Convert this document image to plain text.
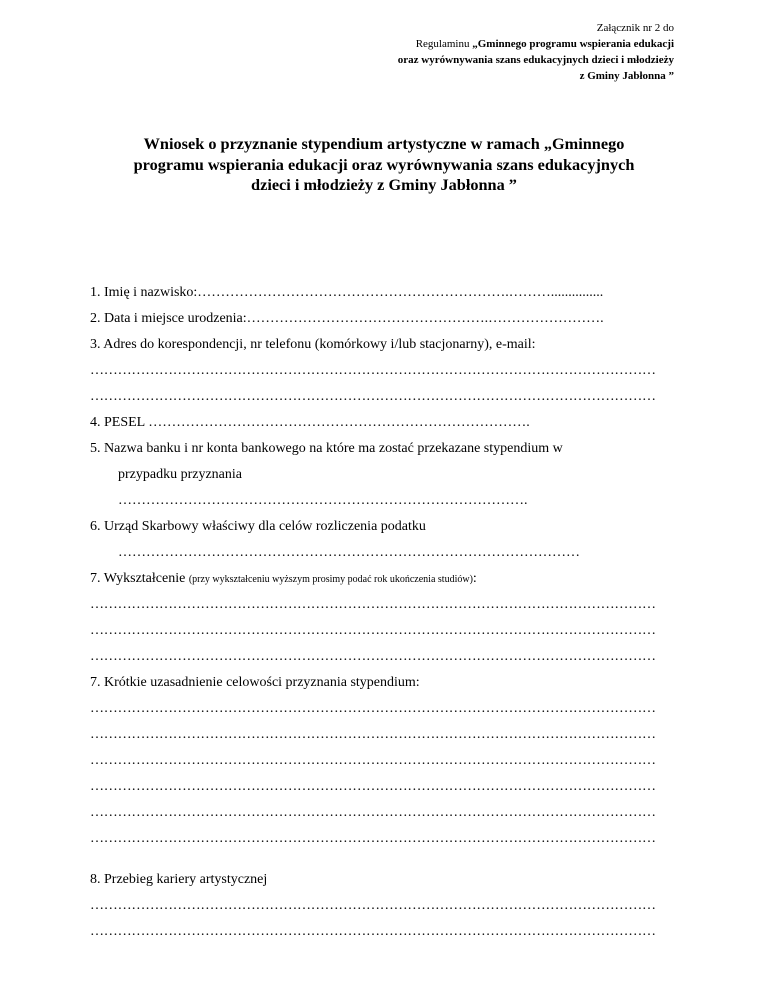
Załącznik nr 2 do
Regulaminu „Gminnego programu wspierania edukacji
oraz wyrównywania szans edukacyjnych dzieci i młodzieży
z Gminy Jabłonna ”
Wniosek o przyznanie stypendium artystyczne w ramach „Gminnego
programu wspierania edukacji oraz wyrównywania szans edukacyjnych
dzieci i młodzieży z Gminy Jabłonna ”
1. Imię i nazwisko:………………………………………………………….………...............
2. Data i miejsce urodzenia:…………………………………………….…………………….
3. Adres do korespondencji, nr telefonu (komórkowy i/lub stacjonarny), e-mail:
……………………………………………………………………………………………………………
……………………………………………………………………………………………………………
4. PESEL ……………………………………………………………………….
5. Nazwa banku i nr konta bankowego na które ma zostać przekazane stypendium w
przypadku przyznania
…………………………………………………………………………….
6. Urząd Skarbowy właściwy dla celów rozliczenia podatku
………………………………………………………………………………………
7. Wykształcenie (przy wykształceniu wyższym prosimy podać rok ukończenia studiów):
……………………………………………………………………………………………………………
……………………………………………………………………………………………………………
……………………………………………………………………………………………………………
7. Krótkie uzasadnienie celowości przyznania stypendium:
……………………………………………………………………………………………………………
……………………………………………………………………………………………………………
……………………………………………………………………………………………………………
……………………………………………………………………………………………………………
……………………………………………………………………………………………………………
……………………………………………………………………………………………………………
8. Przebieg kariery artystycznej
……………………………………………………………………………………………………………
……………………………………………………………………………………………………………
